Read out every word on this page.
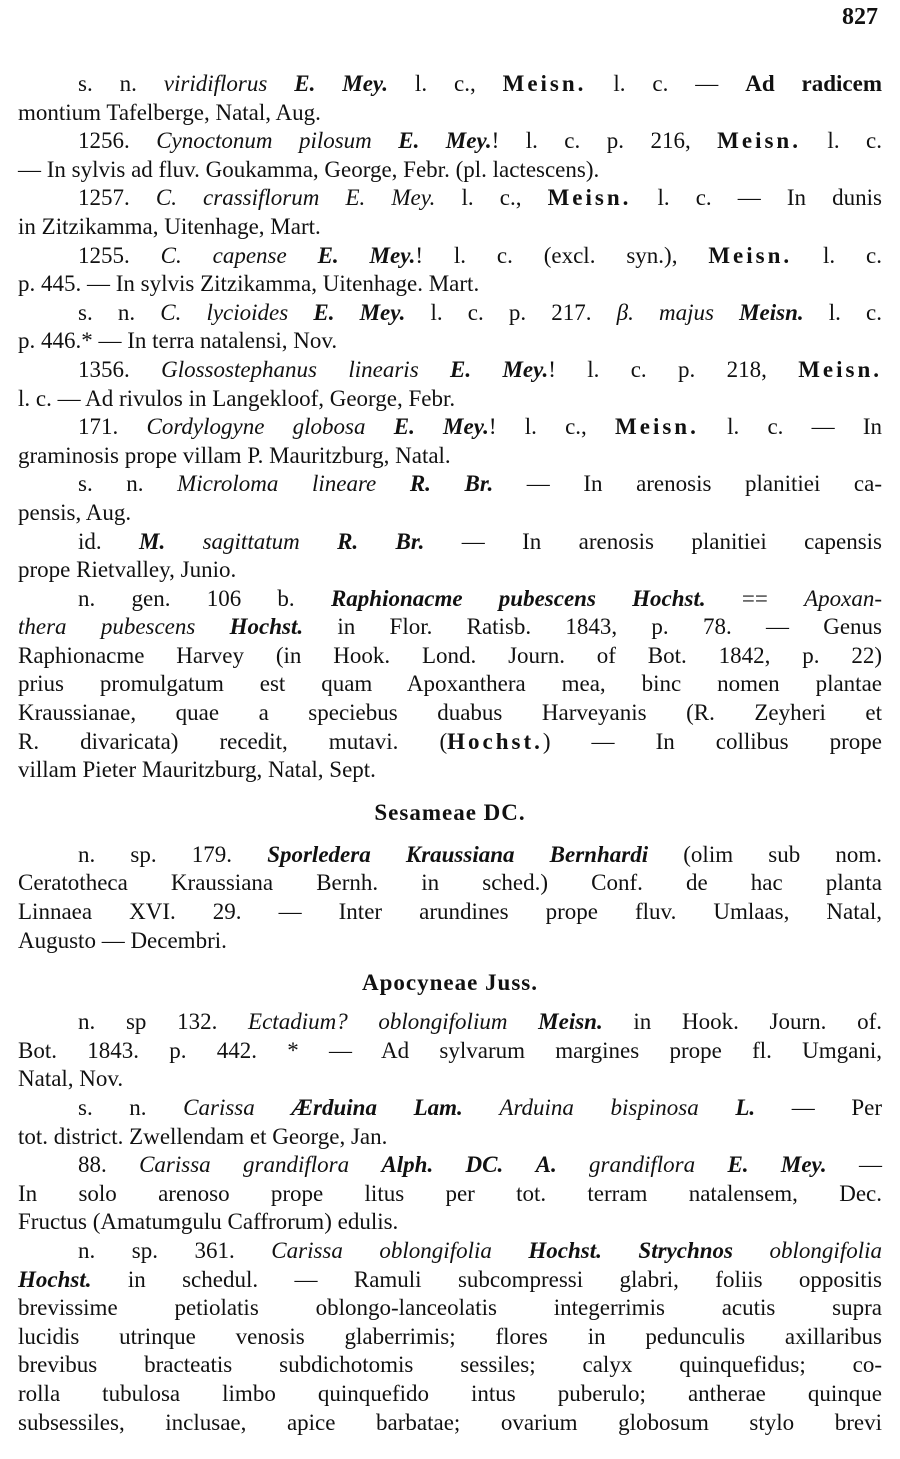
827
s. n. viridiflorus E. Mey. l. c., Meisn. l. c. — Ad radicem
montium Tafelberge, Natal, Aug.
1256. Cynoctonum pilosum E. Mey.! l. c. p. 216, Meisn. l. c.
— In sylvis ad fluv. Goukamma, George, Febr. (pl. lactescens).
1257. C. crassiflorum E. Mey. l. c., Meisn. l. c. — In dunis
in Zitzikamma, Uitenhage, Mart.
1255. C. capense E. Mey.! l. c. (excl. syn.), Meisn. l. c.
p. 445. — In sylvis Zitzikamma, Uitenhage. Mart.
s. n. C. lycioides E. Mey. l. c. p. 217. β. majus Meisn. l. c.
p. 446.* — In terra natalensi, Nov.
1356. Glossostephanus linearis E. Mey.! l. c. p. 218, Meisn.
l. c. — Ad rivulos in Langekloof, George, Febr.
171. Cordylogyne globosa E. Mey.! l. c., Meisn. l. c. — In
graminosis prope villam P. Mauritzburg, Natal.
s. n. Microloma lineare R. Br. — In arenosis planitiei ca-
pensis, Aug.
id. M. sagittatum R. Br. — In arenosis planitiei capensis
prope Rietvalley, Junio.
n. gen. 106 b. Raphionacme pubescens Hochst. == Apoxan-
thera pubescens Hochst. in Flor. Ratisb. 1843, p. 78. — Genus
Raphionacme Harvey (in Hook. Lond. Journ. of Bot. 1842, p. 22)
prius promulgatum est quam Apoxanthera mea, binc nomen plantae
Kraussianae, quae a speciebus duabus Harveyanis (R. Zeyheri et
R. divaricata) recedit, mutavi. (Hochst.) — In collibus prope
villam Pieter Mauritzburg, Natal, Sept.
Sesameae DC.
n. sp. 179. Sporledera Kraussiana Bernhardi (olim sub nom.
Ceratotheca Kraussiana Bernh. in sched.) Conf. de hac planta
Linnaea XVI. 29. — Inter arundines prope fluv. Umlaas, Natal,
Augusto — Decembri.
Apocyneae Juss.
n. sp 132. Ectadium? oblongifolium Meisn. in Hook. Journ. of.
Bot. 1843. p. 442. * — Ad sylvarum margines prope fl. Umgani,
Natal, Nov.
s. n. Carissa Ærduina Lam. Arduina bispinosa L. — Per
tot. district. Zwellendam et George, Jan.
88. Carissa grandiflora Alph. DC. A. grandiflora E. Mey. —
In solo arenoso prope litus per tot. terram natalensem, Dec.
Fructus (Amatumgulu Caffrorum) edulis.
n. sp. 361. Carissa oblongifolia Hochst. Strychnos oblongifolia
Hochst. in schedul. — Ramuli subcompressi glabri, foliis oppositis
brevissime petiolatis oblongo-lanceolatis integerrimis acutis supra
lucidis utrinque venosis glaberrimis; flores in pedunculis axillaribus
brevibus bracteatis subdichotomis sessiles; calyx quinquefidus; co-
rolla tubulosa limbo quinquefido intus puberulo; antherae quinque
subsessiles, inclusae, apice barbatae; ovarium globosum stylo brevi
